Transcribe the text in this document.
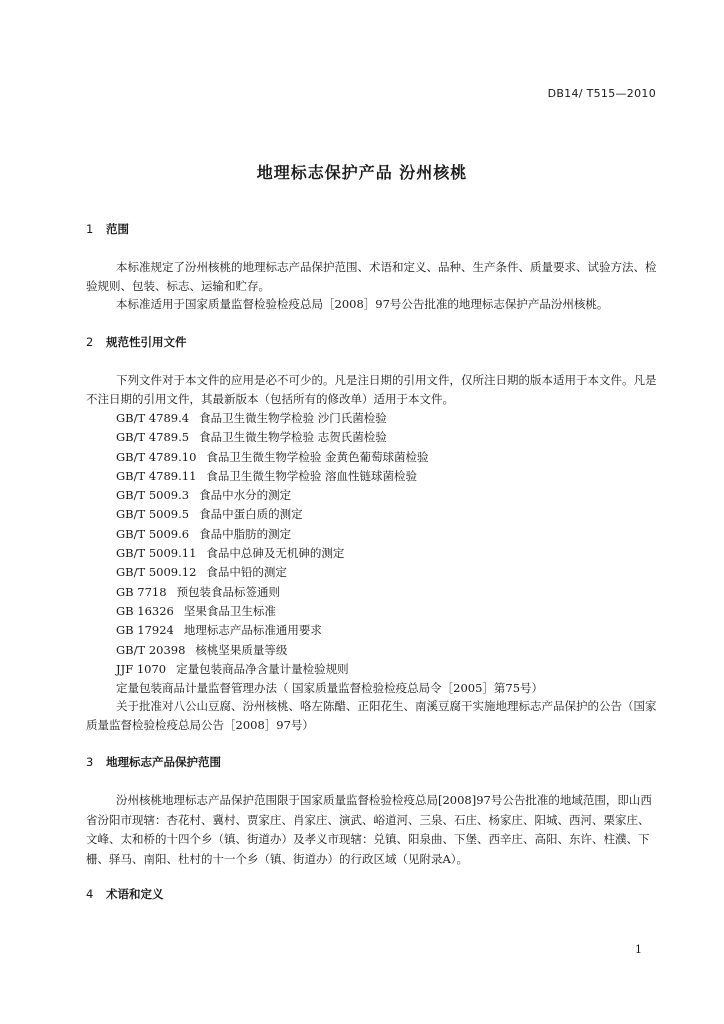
DB14/ T515—2010
地理标志保护产品 汾州核桃
1 范围
本标准规定了汾州核桃的地理标志产品保护范围、术语和定义、品种、生产条件、质量要求、试验方法、检验规则、包装、标志、运输和贮存。
本标准适用于国家质量监督检验检疫总局［2008］97号公告批准的地理标志保护产品汾州核桃。
2 规范性引用文件
下列文件对于本文件的应用是必不可少的。凡是注日期的引用文件，仅所注日期的版本适用于本文件。凡是不注日期的引用文件，其最新版本（包括所有的修改单）适用于本文件。
GB/T 4789.4 食品卫生微生物学检验 沙门氏菌检验
GB/T 4789.5 食品卫生微生物学检验 志贺氏菌检验
GB/T 4789.10 食品卫生微生物学检验 金黄色葡萄球菌检验
GB/T 4789.11 食品卫生微生物学检验 溶血性链球菌检验
GB/T 5009.3 食品中水分的测定
GB/T 5009.5 食品中蛋白质的测定
GB/T 5009.6 食品中脂肪的测定
GB/T 5009.11 食品中总砷及无机砷的测定
GB/T 5009.12 食品中铅的测定
GB 7718 预包装食品标签通则
GB 16326 坚果食品卫生标准
GB 17924 地理标志产品标准通用要求
GB/T 20398 核桃坚果质量等级
JJF 1070 定量包装商品净含量计量检验规则
定量包装商品计量监督管理办法（ 国家质量监督检验检疫总局令［2005］第75号）
关于批准对八公山豆腐、汾州核桃、咯左陈醋、正阳花生、南溪豆腐干实施地理标志产品保护的公告（国家质量监督检验检疫总局公告［2008］97号）
3 地理标志产品保护范围
汾州核桃地理标志产品保护范围限于国家质量监督检验检疫总局[2008]97号公告批准的地域范围，即山西省汾阳市现辖：杏花村、冀村、贾家庄、肖家庄、演武、峪道河、三泉、石庄、杨家庄、阳城、西河、栗家庄、文峰、太和桥的十四个乡（镇、街道办）及孝义市现辖：兑镇、阳泉曲、下堡、西辛庄、高阳、东许、柱濮、下栅、驿马、南阳、杜村的十一个乡（镇、街道办）的行政区域（见附录A）。
4 术语和定义
1
